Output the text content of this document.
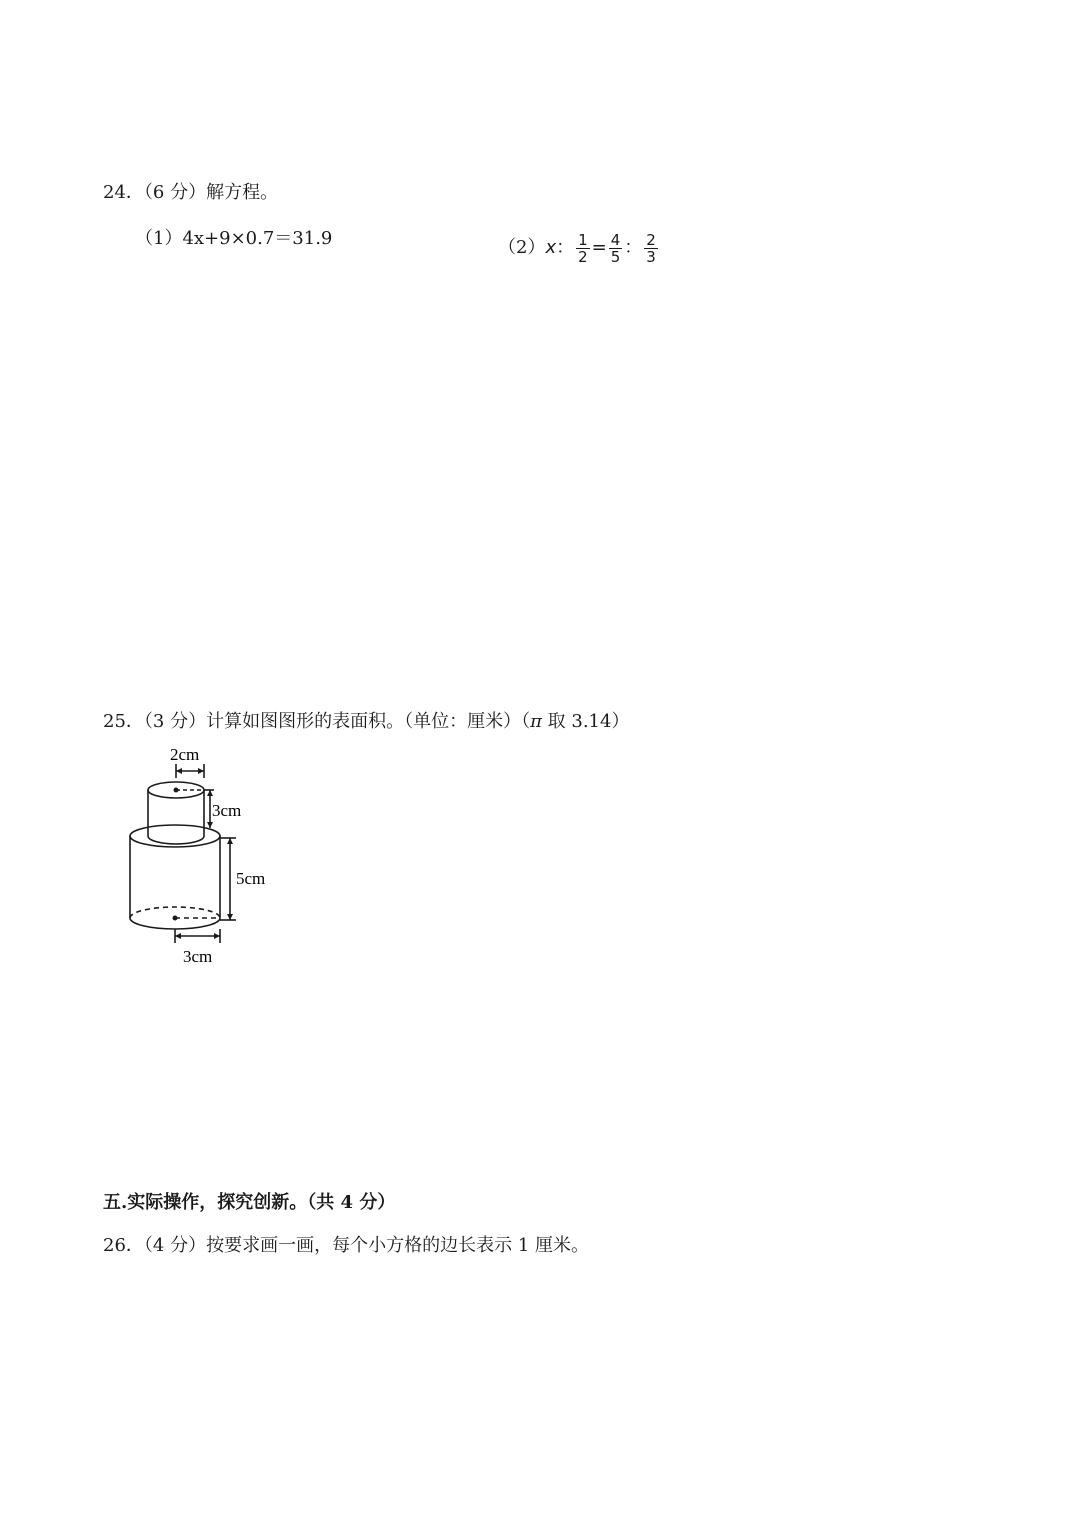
24．（6 分）解方程。
（1）4x+9×0.7＝31.9	（2） x ： $\frac{1}{2} = \frac{4}{5}$ ： $\frac{2}{3}$
25．（3 分）计算如图图形的表面积。（单位：厘米）（π 取 3.14）
2cm
3cm
5cm
3cm
五.实际操作，探究创新。（共 4 分）
26．（4 分）按要求画一画，每个小方格的边长表示 1 厘米。
